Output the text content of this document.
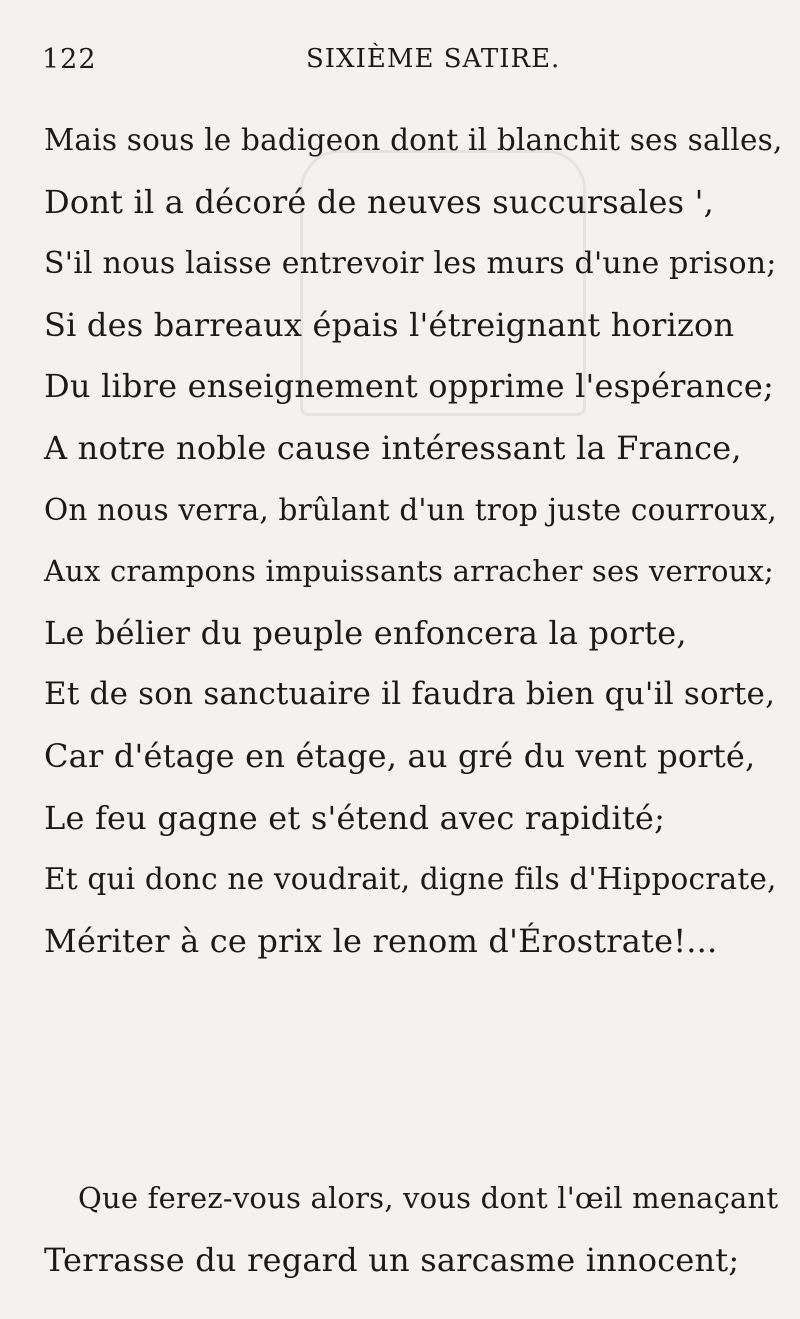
122	SIXIÈME SATIRE.
Mais sous le badigeon dont il blanchit ses salles,
Dont il a décoré de neuves succursales ',
S'il nous laisse entrevoir les murs d'une prison;
Si des barreaux épais l'étreignant horizon
Du libre enseignement opprime l'espérance;
A notre noble cause intéressant la France,
On nous verra, brûlant d'un trop juste courroux,
Aux crampons impuissants arracher ses verroux;
Le bélier du peuple enfoncera la porte,
Et de son sanctuaire il faudra bien qu'il sorte,
Car d'étage en étage, au gré du vent porté,
Le feu gagne et s'étend avec rapidité;
Et qui donc ne voudrait, digne fils d'Hippocrate,
Mériter à ce prix le renom d'Érostrate!...
Que ferez-vous alors, vous dont l'œil menaçant
Terrasse du regard un sarcasme innocent;
